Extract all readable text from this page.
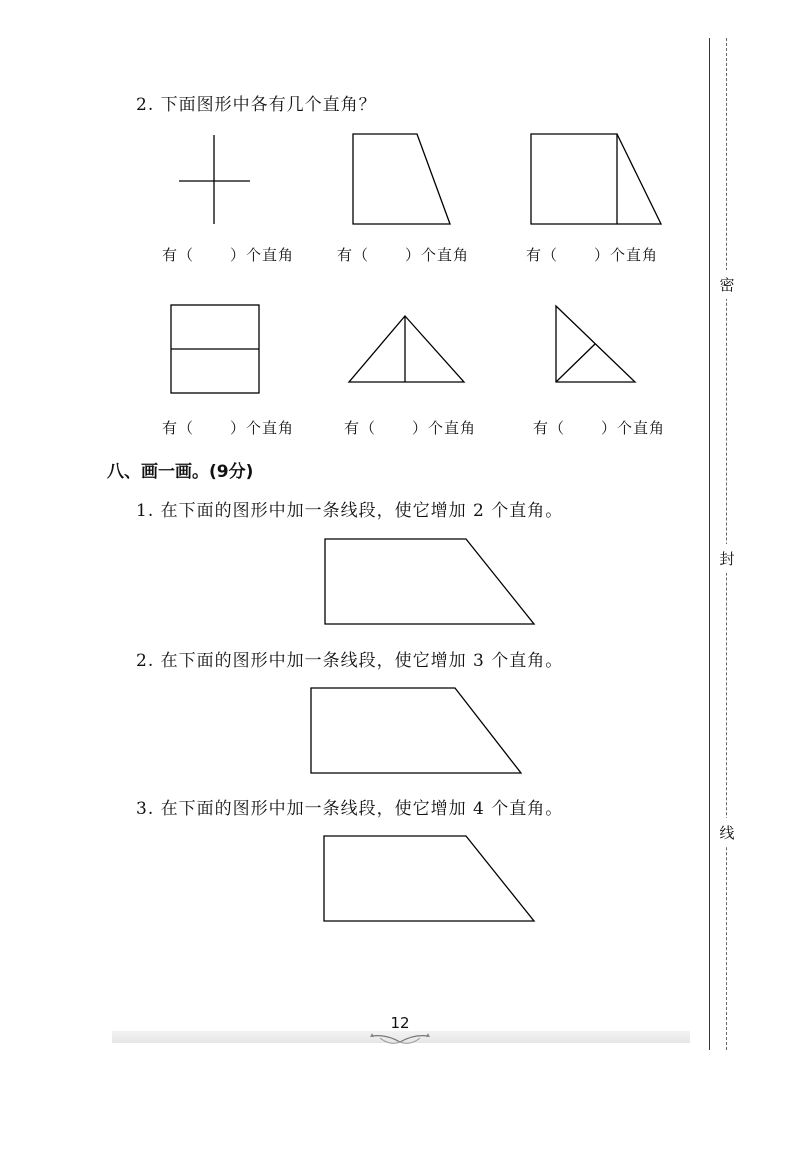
密
封
线
2. 下面图形中各有几个直角？
有（ ）个直角	有（ ）个直角	有（ ）个直角
有（ ）个直角	有（ ）个直角	有（ ）个直角
八、画一画。(9分)
1. 在下面的图形中加一条线段，使它增加 2 个直角。
2. 在下面的图形中加一条线段，使它增加 3 个直角。
3. 在下面的图形中加一条线段，使它增加 4 个直角。
12
